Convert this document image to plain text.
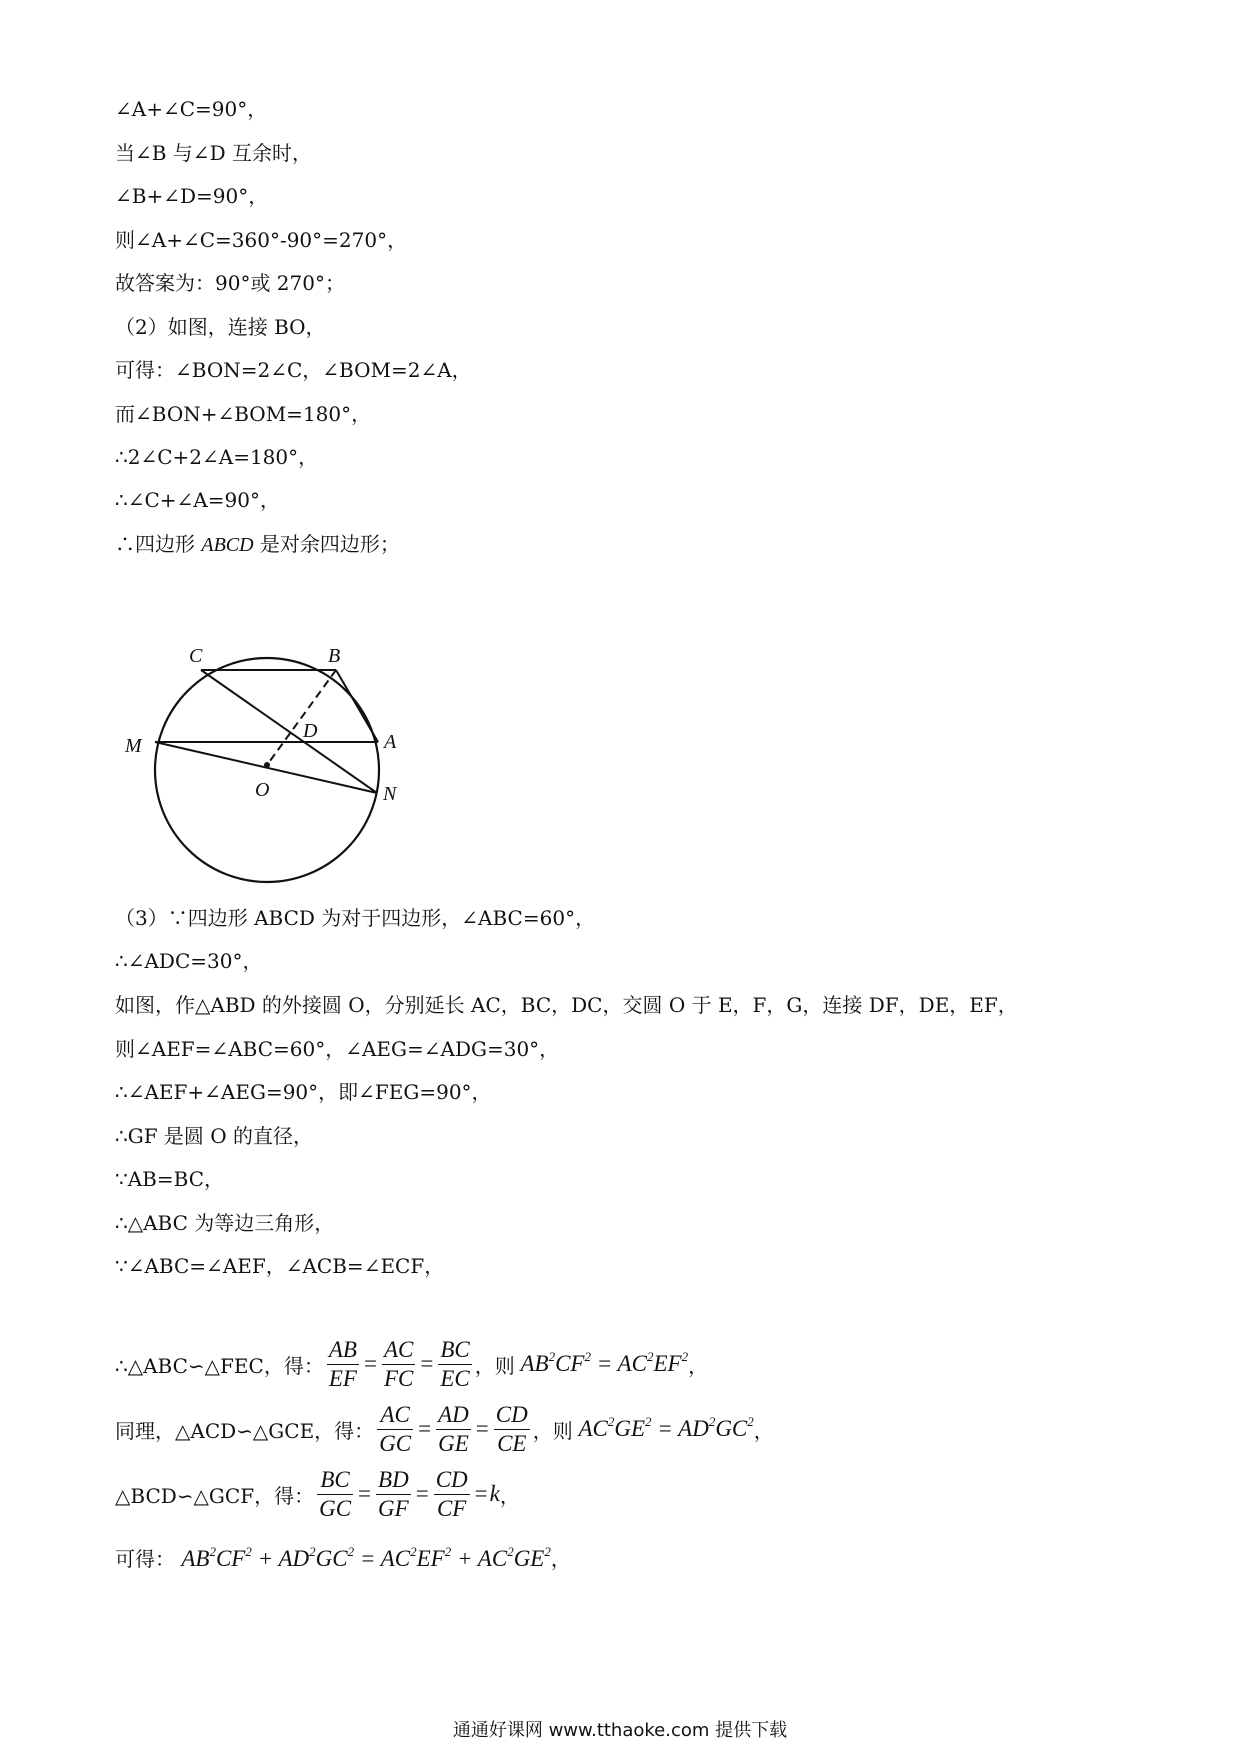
∠A+∠C=90°，
当∠B 与∠D 互余时，
∠B+∠D=90°，
则∠A+∠C=360°-90°=270°，
故答案为：90°或 270°；
（2）如图，连接 BO，
可得：∠BON=2∠C，∠BOM=2∠A，
而∠BON+∠BOM=180°，
∴2∠C+2∠A=180°，
∴∠C+∠A=90°，
∴四边形 ABCD 是对余四边形；
C	B
M
D	A
O	N
（3）∵四边形 ABCD 为对于四边形，∠ABC=60°，
∴∠ADC=30°，
如图，作△ABD 的外接圆 O，分别延长 AC，BC，DC，交圆 O 于 E，F，G，连接 DF，DE，EF，
则∠AEF=∠ABC=60°，∠AEG=∠ADG=30°，
∴∠AEF+∠AEG=90°，即∠FEG=90°，
∴GF 是圆 O 的直径，
∵AB=BC，
∴△ABC 为等边三角形，
∵∠ABC=∠AEF，∠ACB=∠ECF，
∴△ABC∽△FEC，得： $\frac{AB}{EF} = \frac{AC}{FC} = \frac{BC}{EC}$ ，则 $AB^2CF^2 = AC^2EF^2$ ，
同理，△ACD∽△GCE，得： $\frac{AC}{GC} = \frac{AD}{GE} = \frac{CD}{CE}$ ，则 $AC^2GE^2 = AD^2GC^2$ ，
△BCD∽△GCF，得： $\frac{BC}{GC} = \frac{BD}{GF} = \frac{CD}{CF} = k$ ，
可得： $AB^2CF^2 + AD^2GC^2 = AC^2EF^2 + AC^2GE^2$，
通通好课网 www.tthaoke.com 提供下载
